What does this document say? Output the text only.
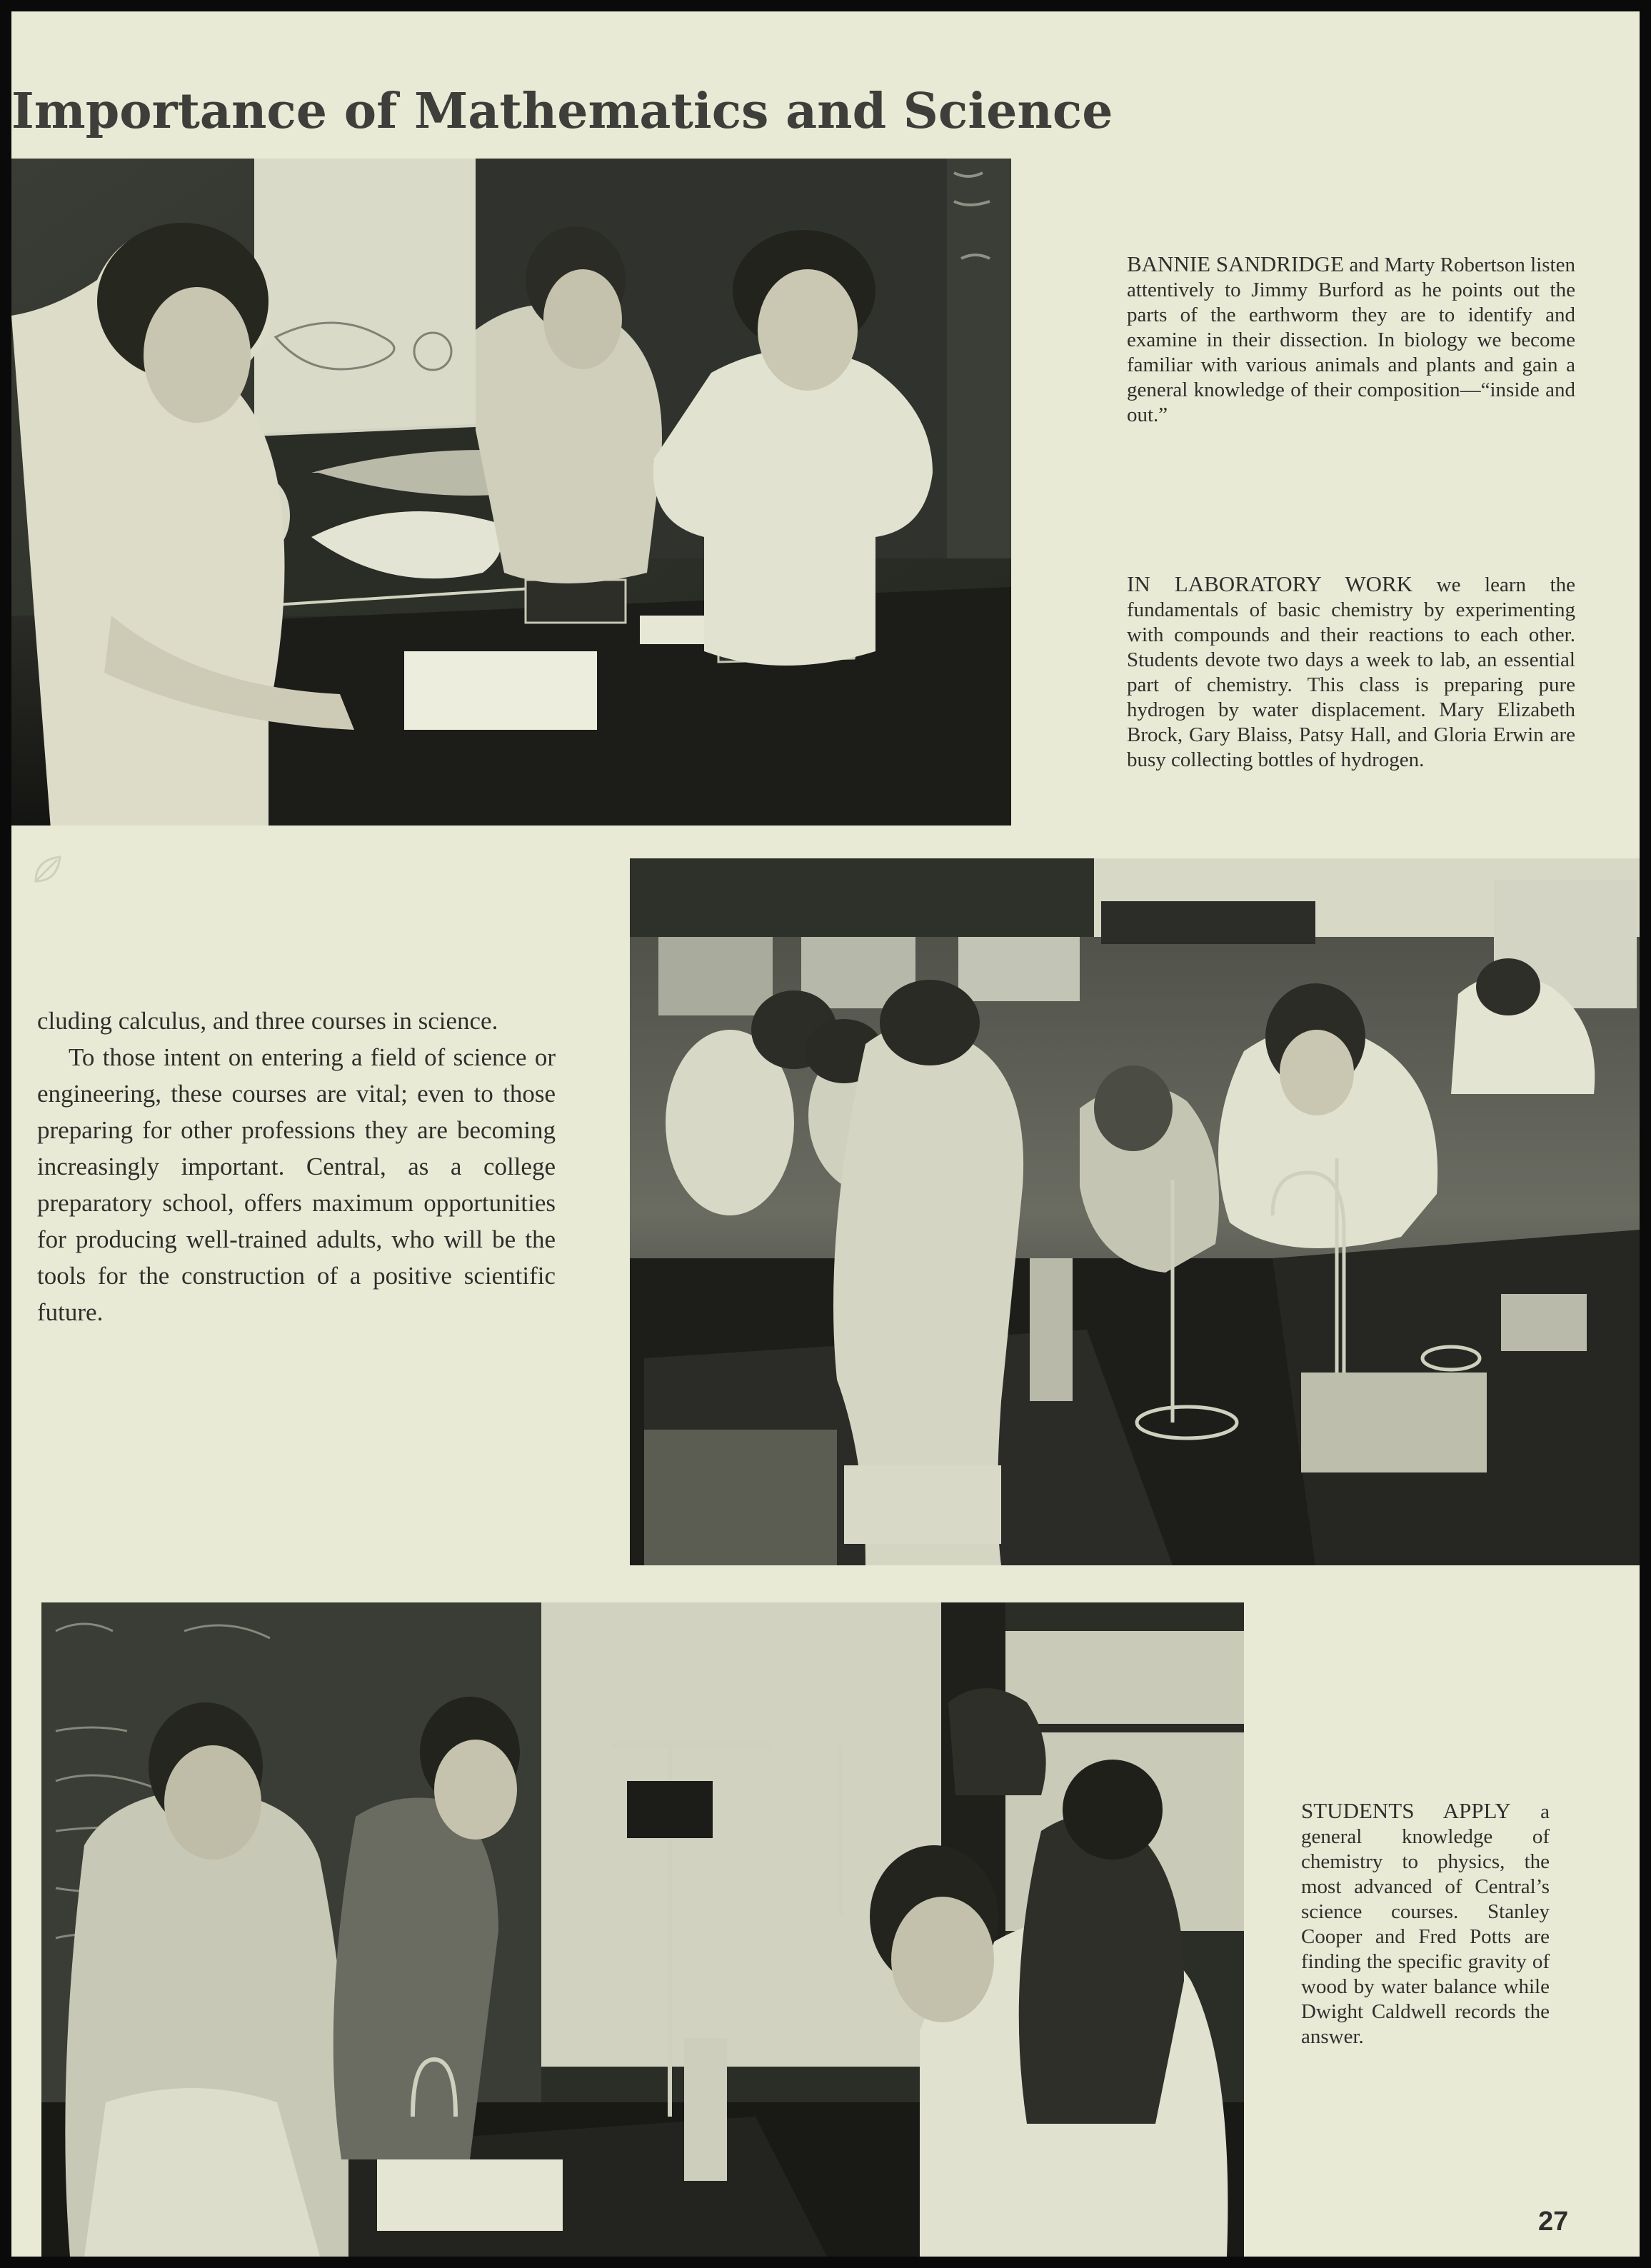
Importance of Mathematics and Science

BANNIE SANDRIDGE and Marty Robertson listen attentively to Jimmy Burford as he points out the parts of the earthworm they are to identify and examine in their dissection. In biology we become familiar with various animals and plants and gain a general knowledge of their composition—“inside and out.”

IN LABORATORY WORK we learn the fundamentals of basic chemistry by experimenting with compounds and their reactions to each other. Students devote two days a week to lab, an essential part of chemistry. This class is preparing pure hydrogen by water displacement. Mary Elizabeth Brock, Gary Blaiss, Patsy Hall, and Gloria Erwin are busy collecting bottles of hydrogen.

cluding calculus, and three courses in science.

To those intent on entering a field of science or engineering, these courses are vital; even to those preparing for other professions they are becoming increasingly important. Central, as a college preparatory school, offers maximum opportunities for producing well-trained adults, who will be the tools for the construction of a positive scientific future.

STUDENTS APPLY a general knowledge of chemistry to physics, the most advanced of Central’s science courses. Stanley Cooper and Fred Potts are finding the specific gravity of wood by water balance while Dwight Caldwell records the answer.

27
